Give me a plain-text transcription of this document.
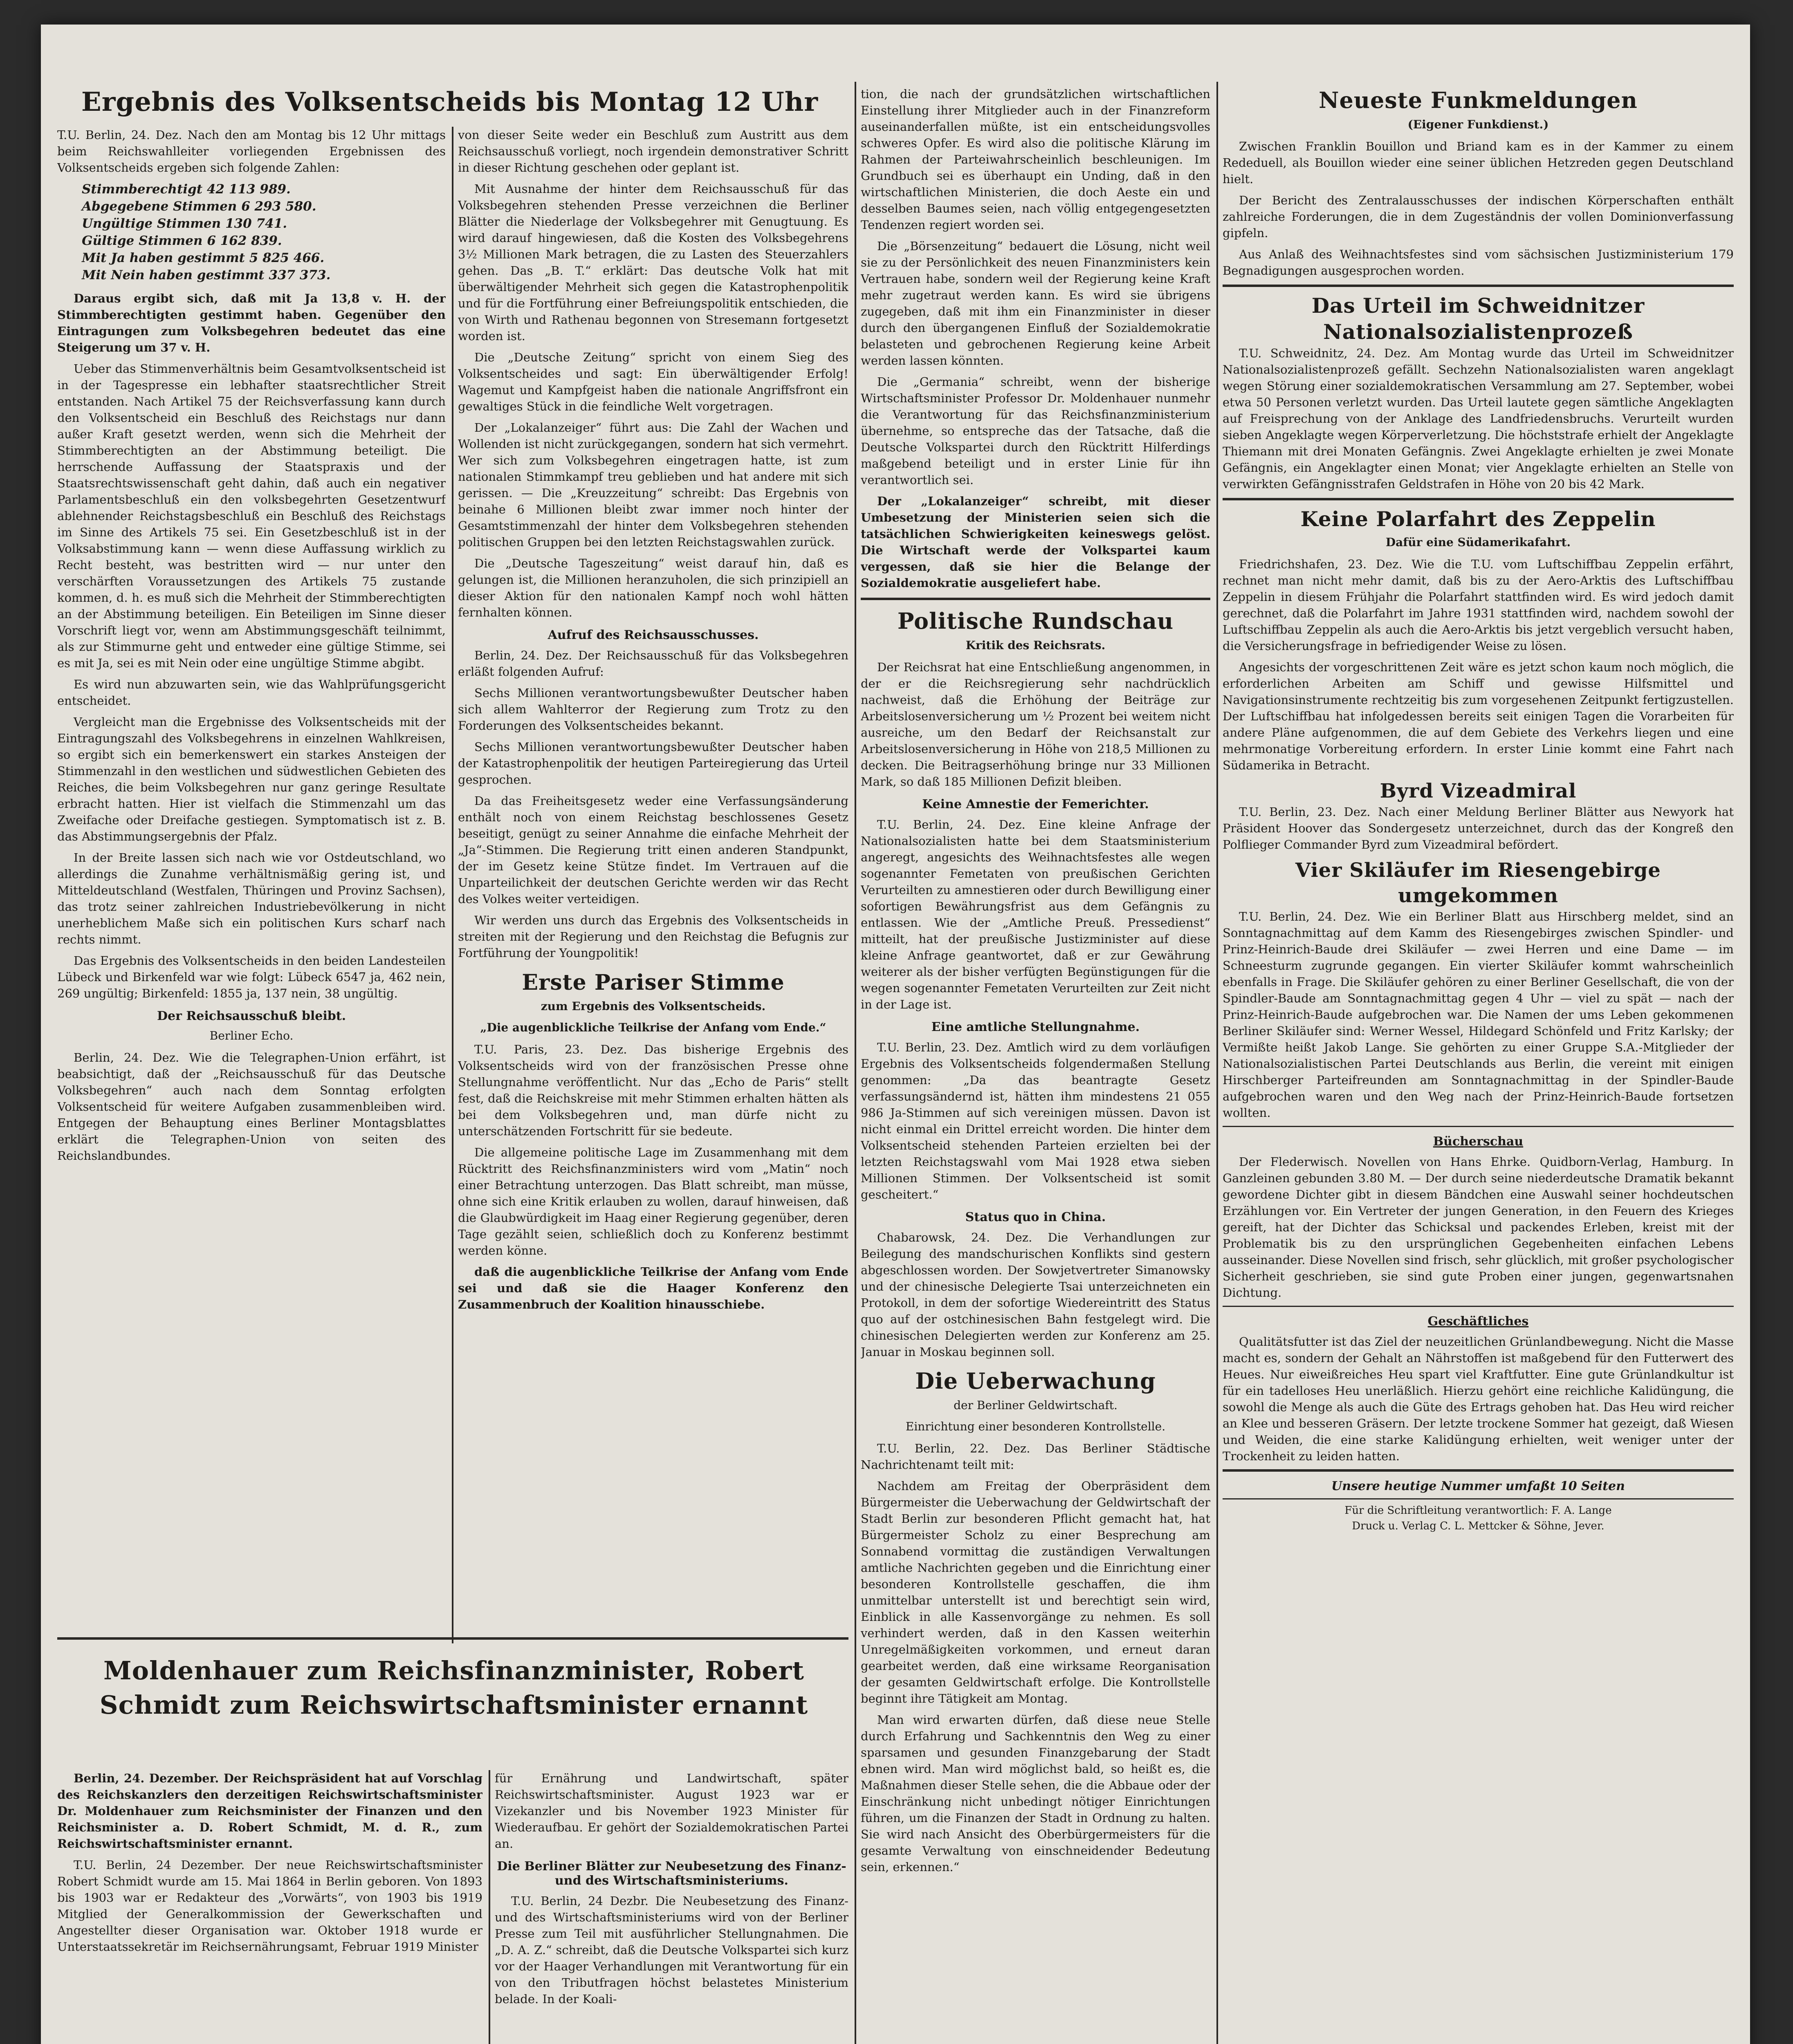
Ergebnis des Volksentscheids bis Montag 12 Uhr

T.U. Berlin, 24. Dez. Nach den am Montag bis 12 Uhr mittags beim Reichswahlleiter vorliegenden Ergebnissen des Volksentscheids ergeben sich folgende Zahlen:

Stimmberechtigt 42 113 989.
Abgegebene Stimmen 6 293 580.
Ungültige Stimmen 130 741.
Gültige Stimmen 6 162 839.
Mit Ja haben gestimmt 5 825 466.
Mit Nein haben gestimmt 337 373.

Daraus ergibt sich, daß mit Ja 13,8 v. H. der Stimmberechtigten gestimmt haben. Gegenüber den Eintragungen zum Volksbegehren bedeutet das eine Steigerung um 37 v. H.

Ueber das Stimmenverhältnis beim Gesamtvolksentscheid ist in der Tagespresse ein lebhafter staatsrechtlicher Streit entstanden. Nach Artikel 75 der Reichsverfassung kann durch den Volksentscheid ein Beschluß des Reichstags nur dann außer Kraft gesetzt werden, wenn sich die Mehrheit der Stimmberechtigten an der Abstimmung beteiligt. Die herrschende Auffassung der Staatspraxis und der Staatsrechtswissenschaft geht dahin, daß auch ein negativer Parlamentsbeschluß ein den volksbegehrten Gesetzentwurf ablehnender Reichstagsbeschluß ein Beschluß des Reichstags im Sinne des Artikels 75 sei. Ein Gesetzbeschluß ist in der Volksabstimmung kann — wenn diese Auffassung wirklich zu Recht besteht, was bestritten wird — nur unter den verschärften Voraussetzungen des Artikels 75 zustande kommen, d. h. es muß sich die Mehrheit der Stimmberechtigten an der Abstimmung beteiligen. Ein Beteiligen im Sinne dieser Vorschrift liegt vor, wenn am Abstimmungsgeschäft teilnimmt, als zur Stimmurne geht und entweder eine gültige Stimme, sei es mit Ja, sei es mit Nein oder eine ungültige Stimme abgibt.

Es wird nun abzuwarten sein, wie das Wahlprüfungsgericht entscheidet.

Vergleicht man die Ergebnisse des Volksentscheids mit der Eintragungszahl des Volksbegehrens in einzelnen Wahlkreisen, so ergibt sich ein bemerkenswert ein starkes Ansteigen der Stimmenzahl in den westlichen und südwestlichen Gebieten des Reiches, die beim Volksbegehren nur ganz geringe Resultate erbracht hatten. Hier ist vielfach die Stimmenzahl um das Zweifache oder Dreifache gestiegen. Symptomatisch ist z. B. das Abstimmungsergebnis der Pfalz.

In der Breite lassen sich nach wie vor Ostdeutschland, wo allerdings die Zunahme verhältnismäßig gering ist, und Mitteldeutschland (Westfalen, Thüringen und Provinz Sachsen), das trotz seiner zahlreichen Industriebevölkerung in nicht unerheblichem Maße sich ein politischen Kurs scharf nach rechts nimmt.

Das Ergebnis des Volksentscheids in den beiden Landesteilen Lübeck und Birkenfeld war wie folgt: Lübeck 6547 ja, 462 nein, 269 ungültig; Birkenfeld: 1855 ja, 137 nein, 38 ungültig.

Der Reichsausschuß bleibt.
Berliner Echo.

Berlin, 24. Dez. Wie die Telegraphen-Union erfährt, ist beabsichtigt, daß der „Reichsausschuß für das Deutsche Volksbegehren“ auch nach dem Sonntag erfolgten Volksentscheid für weitere Aufgaben zusammenbleiben wird. Entgegen der Behauptung eines Berliner Montagsblattes erklärt die Telegraphen-Union von seiten des Reichslandbundes.

von dieser Seite weder ein Beschluß zum Austritt aus dem Reichsausschuß vorliegt, noch irgendein demonstrativer Schritt in dieser Richtung geschehen oder geplant ist.

Mit Ausnahme der hinter dem Reichsausschuß für das Volksbegehren stehenden Presse verzeichnen die Berliner Blätter die Niederlage der Volksbegehrer mit Genugtuung. Es wird darauf hingewiesen, daß die Kosten des Volksbegehrens 3½ Millionen Mark betragen, die zu Lasten des Steuerzahlers gehen. Das „B. T.“ erklärt: Das deutsche Volk hat mit überwältigender Mehrheit sich gegen die Katastrophenpolitik und für die Fortführung einer Befreiungspolitik entschieden, die von Wirth und Rathenau begonnen von Stresemann fortgesetzt worden ist.

Die „Deutsche Zeitung“ spricht von einem Sieg des Volksentscheides und sagt: Ein überwältigender Erfolg! Wagemut und Kampfgeist haben die nationale Angriffsfront ein gewaltiges Stück in die feindliche Welt vorgetragen.

Der „Lokalanzeiger“ führt aus: Die Zahl der Wachen und Wollenden ist nicht zurückgegangen, sondern hat sich vermehrt. Wer sich zum Volksbegehren eingetragen hatte, ist zum nationalen Stimmkampf treu geblieben und hat andere mit sich gerissen. — Die „Kreuzzeitung“ schreibt: Das Ergebnis von beinahe 6 Millionen bleibt zwar immer noch hinter der Gesamtstimmenzahl der hinter dem Volksbegehren stehenden politischen Gruppen bei den letzten Reichstagswahlen zurück.

Die „Deutsche Tageszeitung“ weist darauf hin, daß es gelungen ist, die Millionen heranzuholen, die sich prinzipiell an dieser Aktion für den nationalen Kampf noch wohl hätten fernhalten können.

Aufruf des Reichsausschusses.

Berlin, 24. Dez. Der Reichsausschuß für das Volksbegehren erläßt folgenden Aufruf:

Sechs Millionen verantwortungsbewußter Deutscher haben sich allem Wahlterror der Regierung zum Trotz zu den Forderungen des Volksentscheides bekannt.

Sechs Millionen verantwortungsbewußter Deutscher haben der Katastrophenpolitik der heutigen Parteiregierung das Urteil gesprochen.

Da das Freiheitsgesetz weder eine Verfassungsänderung enthält noch von einem Reichstag beschlossenes Gesetz beseitigt, genügt zu seiner Annahme die einfache Mehrheit der „Ja“-Stimmen. Die Regierung tritt einen anderen Standpunkt, der im Gesetz keine Stütze findet. Im Vertrauen auf die Unparteilichkeit der deutschen Gerichte werden wir das Recht des Volkes weiter verteidigen.

Wir werden uns durch das Ergebnis des Volksentscheids in streiten mit der Regierung und den Reichstag die Befugnis zur Fortführung der Youngpolitik!

Erste Pariser Stimme
zum Ergebnis des Volksentscheids.
„Die augenblickliche Teilkrise der Anfang vom Ende.“

T.U. Paris, 23. Dez. Das bisherige Ergebnis des Volksentscheids wird von der französischen Presse ohne Stellungnahme veröffentlicht. Nur das „Echo de Paris“ stellt fest, daß die Reichskreise mit mehr Stimmen erhalten hätten als bei dem Volksbegehren und, man dürfe nicht zu unterschätzenden Fortschritt für sie bedeute.

Die allgemeine politische Lage im Zusammenhang mit dem Rücktritt des Reichsfinanzministers wird vom „Matin“ noch einer Betrachtung unterzogen. Das Blatt schreibt, man müsse, ohne sich eine Kritik erlauben zu wollen, darauf hinweisen, daß die Glaubwürdigkeit im Haag einer Regierung gegenüber, deren Tage gezählt seien, schließlich doch zu Konferenz bestimmt werden könne.

daß die augenblickliche Teilkrise der Anfang vom Ende sei und daß sie die Haager Konferenz den Zusammenbruch der Koalition hinausschiebe.

Moldenhauer zum Reichsfinanzminister, Robert Schmidt zum Reichswirtschaftsminister ernannt

Berlin, 24. Dezember. Der Reichspräsident hat auf Vorschlag des Reichskanzlers den derzeitigen Reichswirtschaftsminister Dr. Moldenhauer zum Reichsminister der Finanzen und den Reichsminister a. D. Robert Schmidt, M. d. R., zum Reichswirtschaftsminister ernannt.

T.U. Berlin, 24 Dezember. Der neue Reichswirtschaftsminister Robert Schmidt wurde am 15. Mai 1864 in Berlin geboren. Von 1893 bis 1903 war er Redakteur des „Vorwärts“, von 1903 bis 1919 Mitglied der Generalkommission der Gewerkschaften und Angestellter dieser Organisation war. Oktober 1918 wurde er Unterstaatssekretär im Reichsernährungsamt, Februar 1919 Minister

für Ernährung und Landwirtschaft, später Reichswirtschaftsminister. August 1923 war er Vizekanzler und bis November 1923 Minister für Wiederaufbau. Er gehört der Sozialdemokratischen Partei an.

Die Berliner Blätter zur Neubesetzung des Finanz- und des Wirtschaftsministeriums.

T.U. Berlin, 24 Dezbr. Die Neubesetzung des Finanz- und des Wirtschaftsministeriums wird von der Berliner Presse zum Teil mit ausführlicher Stellungnahmen. Die „D. A. Z.“ schreibt, daß die Deutsche Volkspartei sich kurz vor der Haager Verhandlungen mit Verantwortung für ein von den Tributfragen höchst belastetes Ministerium belade. In der Koali-

tion, die nach der grundsätzlichen wirtschaftlichen Einstellung ihrer Mitglieder auch in der Finanzreform auseinanderfallen müßte, ist ein entscheidungsvolles schweres Opfer. Es wird also die politische Klärung im Rahmen der Parteiwahrscheinlich beschleunigen. Im Grundbuch sei es überhaupt ein Unding, daß in den wirtschaftlichen Ministerien, die doch Aeste ein und desselben Baumes seien, nach völlig entgegengesetzten Tendenzen regiert worden sei.

Die „Börsenzeitung“ bedauert die Lösung, nicht weil sie zu der Persönlichkeit des neuen Finanzministers kein Vertrauen habe, sondern weil der Regierung keine Kraft mehr zugetraut werden kann. Es wird sie übrigens zugegeben, daß mit ihm ein Finanzminister in dieser durch den übergangenen Einfluß der Sozialdemokratie belasteten und gebrochenen Regierung keine Arbeit werden lassen könnten.

Die „Germania“ schreibt, wenn der bisherige Wirtschaftsminister Professor Dr. Moldenhauer nunmehr die Verantwortung für das Reichsfinanzministerium übernehme, so entspreche das der Tatsache, daß die Deutsche Volkspartei durch den Rücktritt Hilferdings maßgebend beteiligt und in erster Linie für ihn verantwortlich sei.

Der „Lokalanzeiger“ schreibt, mit dieser Umbesetzung der Ministerien seien sich die tatsächlichen Schwierigkeiten keineswegs gelöst. Die Wirtschaft werde der Volkspartei kaum vergessen, daß sie hier die Belange der Sozialdemokratie ausgeliefert habe.

Politische Rundschau
Kritik des Reichsrats.

Der Reichsrat hat eine Entschließung angenommen, in der er die Reichsregierung sehr nachdrücklich nachweist, daß die Erhöhung der Beiträge zur Arbeitslosenversicherung um ½ Prozent bei weitem nicht ausreiche, um den Bedarf der Reichsanstalt zur Arbeitslosenversicherung in Höhe von 218,5 Millionen zu decken. Die Beitragserhöhung bringe nur 33 Millionen Mark, so daß 185 Millionen Defizit bleiben.

Keine Amnestie der Femerichter.

T.U. Berlin, 24. Dez. Eine kleine Anfrage der Nationalsozialisten hatte bei dem Staatsministerium angeregt, angesichts des Weihnachtsfestes alle wegen sogenannter Femetaten von preußischen Gerichten Verurteilten zu amnestieren oder durch Bewilligung einer sofortigen Bewährungsfrist aus dem Gefängnis zu entlassen. Wie der „Amtliche Preuß. Pressedienst“ mitteilt, hat der preußische Justizminister auf diese kleine Anfrage geantwortet, daß er zur Gewährung weiterer als der bisher verfügten Begünstigungen für die wegen sogenannter Femetaten Verurteilten zur Zeit nicht in der Lage ist.

Eine amtliche Stellungnahme.

T.U. Berlin, 23. Dez. Amtlich wird zu dem vorläufigen Ergebnis des Volksentscheids folgendermaßen Stellung genommen: „Da das beantragte Gesetz verfassungsändernd ist, hätten ihm mindestens 21 055 986 Ja-Stimmen auf sich vereinigen müssen. Davon ist nicht einmal ein Drittel erreicht worden. Die hinter dem Volksentscheid stehenden Parteien erzielten bei der letzten Reichstagswahl vom Mai 1928 etwa sieben Millionen Stimmen. Der Volksentscheid ist somit gescheitert.“

Status quo in China.

Chabarowsk, 24. Dez. Die Verhandlungen zur Beilegung des mandschurischen Konflikts sind gestern abgeschlossen worden. Der Sowjetvertreter Simanowsky und der chinesische Delegierte Tsai unterzeichneten ein Protokoll, in dem der sofortige Wiedereintritt des Status quo auf der ostchinesischen Bahn festgelegt wird. Die chinesischen Delegierten werden zur Konferenz am 25. Januar in Moskau beginnen soll.

Die Ueberwachung
der Berliner Geldwirtschaft.
Einrichtung einer besonderen Kontrollstelle.

T.U. Berlin, 22. Dez. Das Berliner Städtische Nachrichtenamt teilt mit:

Nachdem am Freitag der Oberpräsident dem Bürgermeister die Ueberwachung der Geldwirtschaft der Stadt Berlin zur besonderen Pflicht gemacht hat, hat Bürgermeister Scholz zu einer Besprechung am Sonnabend vormittag die zuständigen Verwaltungen amtliche Nachrichten gegeben und die Einrichtung einer besonderen Kontrollstelle geschaffen, die ihm unmittelbar unterstellt ist und berechtigt sein wird, Einblick in alle Kassenvorgänge zu nehmen. Es soll verhindert werden, daß in den Kassen weiterhin Unregelmäßigkeiten vorkommen, und erneut daran gearbeitet werden, daß eine wirksame Reorganisation der gesamten Geldwirtschaft erfolge. Die Kontrollstelle beginnt ihre Tätigkeit am Montag.

Man wird erwarten dürfen, daß diese neue Stelle durch Erfahrung und Sachkenntnis den Weg zu einer sparsamen und gesunden Finanzgebarung der Stadt ebnen wird. Man wird möglichst bald, so heißt es, die Maßnahmen dieser Stelle sehen, die die Abbaue oder der Einschränkung nicht unbedingt nötiger Einrichtungen führen, um die Finanzen der Stadt in Ordnung zu halten. Sie wird nach Ansicht des Oberbürgermeisters für die gesamte Verwaltung von einschneidender Bedeutung sein, erkennen.“

Neueste Funkmeldungen
(Eigener Funkdienst.)

Zwischen Franklin Bouillon und Briand kam es in der Kammer zu einem Rededuell, als Bouillon wieder eine seiner üblichen Hetzreden gegen Deutschland hielt.

Der Bericht des Zentralausschusses der indischen Körperschaften enthält zahlreiche Forderungen, die in dem Zugeständnis der vollen Dominionverfassung gipfeln.

Aus Anlaß des Weihnachtsfestes sind vom sächsischen Justizministerium 179 Begnadigungen ausgesprochen worden.

Das Urteil im Schweidnitzer Nationalsozialistenprozeß

T.U. Schweidnitz, 24. Dez. Am Montag wurde das Urteil im Schweidnitzer Nationalsozialistenprozeß gefällt. Sechzehn Nationalsozialisten waren angeklagt wegen Störung einer sozialdemokratischen Versammlung am 27. September, wobei etwa 50 Personen verletzt wurden. Das Urteil lautete gegen sämtliche Angeklagten auf Freisprechung von der Anklage des Landfriedensbruchs. Verurteilt wurden sieben Angeklagte wegen Körperverletzung. Die höchststrafe erhielt der Angeklagte Thiemann mit drei Monaten Gefängnis. Zwei Angeklagte erhielten je zwei Monate Gefängnis, ein Angeklagter einen Monat; vier Angeklagte erhielten an Stelle von verwirkten Gefängnisstrafen Geldstrafen in Höhe von 20 bis 42 Mark.

Keine Polarfahrt des Zeppelin
Dafür eine Südamerikafahrt.

Friedrichshafen, 23. Dez. Wie die T.U. vom Luftschiffbau Zeppelin erfährt, rechnet man nicht mehr damit, daß bis zu der Aero-Arktis des Luftschiffbau Zeppelin in diesem Frühjahr die Polarfahrt stattfinden wird. Es wird jedoch damit gerechnet, daß die Polarfahrt im Jahre 1931 stattfinden wird, nachdem sowohl der Luftschiffbau Zeppelin als auch die Aero-Arktis bis jetzt vergeblich versucht haben, die Versicherungsfrage in befriedigender Weise zu lösen.

Angesichts der vorgeschrittenen Zeit wäre es jetzt schon kaum noch möglich, die erforderlichen Arbeiten am Schiff und gewisse Hilfsmittel und Navigationsinstrumente rechtzeitig bis zum vorgesehenen Zeitpunkt fertigzustellen. Der Luftschiffbau hat infolgedessen bereits seit einigen Tagen die Vorarbeiten für andere Pläne aufgenommen, die auf dem Gebiete des Verkehrs liegen und eine mehrmonatige Vorbereitung erfordern. In erster Linie kommt eine Fahrt nach Südamerika in Betracht.

Byrd Vizeadmiral

T.U. Berlin, 23. Dez. Nach einer Meldung Berliner Blätter aus Newyork hat Präsident Hoover das Sondergesetz unterzeichnet, durch das der Kongreß den Polflieger Commander Byrd zum Vizeadmiral befördert.

Vier Skiläufer im Riesengebirge umgekommen

T.U. Berlin, 24. Dez. Wie ein Berliner Blatt aus Hirschberg meldet, sind an Sonntagnachmittag auf dem Kamm des Riesengebirges zwischen Spindler- und Prinz-Heinrich-Baude drei Skiläufer — zwei Herren und eine Dame — im Schneesturm zugrunde gegangen. Ein vierter Skiläufer kommt wahrscheinlich ebenfalls in Frage. Die Skiläufer gehören zu einer Berliner Gesellschaft, die von der Spindler-Baude am Sonntagnachmittag gegen 4 Uhr — viel zu spät — nach der Prinz-Heinrich-Baude aufgebrochen war. Die Namen der ums Leben gekommenen Berliner Skiläufer sind: Werner Wessel, Hildegard Schönfeld und Fritz Karlsky; der Vermißte heißt Jakob Lange. Sie gehörten zu einer Gruppe S.A.-Mitglieder der Nationalsozialistischen Partei Deutschlands aus Berlin, die vereint mit einigen Hirschberger Parteifreunden am Sonntagnachmittag in der Spindler-Baude aufgebrochen waren und den Weg nach der Prinz-Heinrich-Baude fortsetzen wollten.

Bücherschau

Der Flederwisch. Novellen von Hans Ehrke. Quidborn-Verlag, Hamburg. In Ganzleinen gebunden 3.80 M. — Der durch seine niederdeutsche Dramatik bekannt gewordene Dichter gibt in diesem Bändchen eine Auswahl seiner hochdeutschen Erzählungen vor. Ein Vertreter der jungen Generation, in den Feuern des Krieges gereift, hat der Dichter das Schicksal und packendes Erleben, kreist mit der Problematik bis zu den ursprünglichen Gegebenheiten einfachen Lebens ausseinander. Diese Novellen sind frisch, sehr glücklich, mit großer psychologischer Sicherheit geschrieben, sie sind gute Proben einer jungen, gegenwartsnahen Dichtung.

Geschäftliches

Qualitätsfutter ist das Ziel der neuzeitlichen Grünlandbewegung. Nicht die Masse macht es, sondern der Gehalt an Nährstoffen ist maßgebend für den Futterwert des Heues. Nur eiweißreiches Heu spart viel Kraftfutter. Eine gute Grünlandkultur ist für ein tadelloses Heu unerläßlich. Hierzu gehört eine reichliche Kalidüngung, die sowohl die Menge als auch die Güte des Ertrags gehoben hat. Das Heu wird reicher an Klee und besseren Gräsern. Der letzte trockene Sommer hat gezeigt, daß Wiesen und Weiden, die eine starke Kalidüngung erhielten, weit weniger unter der Trockenheit zu leiden hatten.

Unsere heutige Nummer umfaßt 10 Seiten
Für die Schriftleitung verantwortlich: F. A. Lange
Druck u. Verlag C. L. Mettcker & Söhne, Jever.
